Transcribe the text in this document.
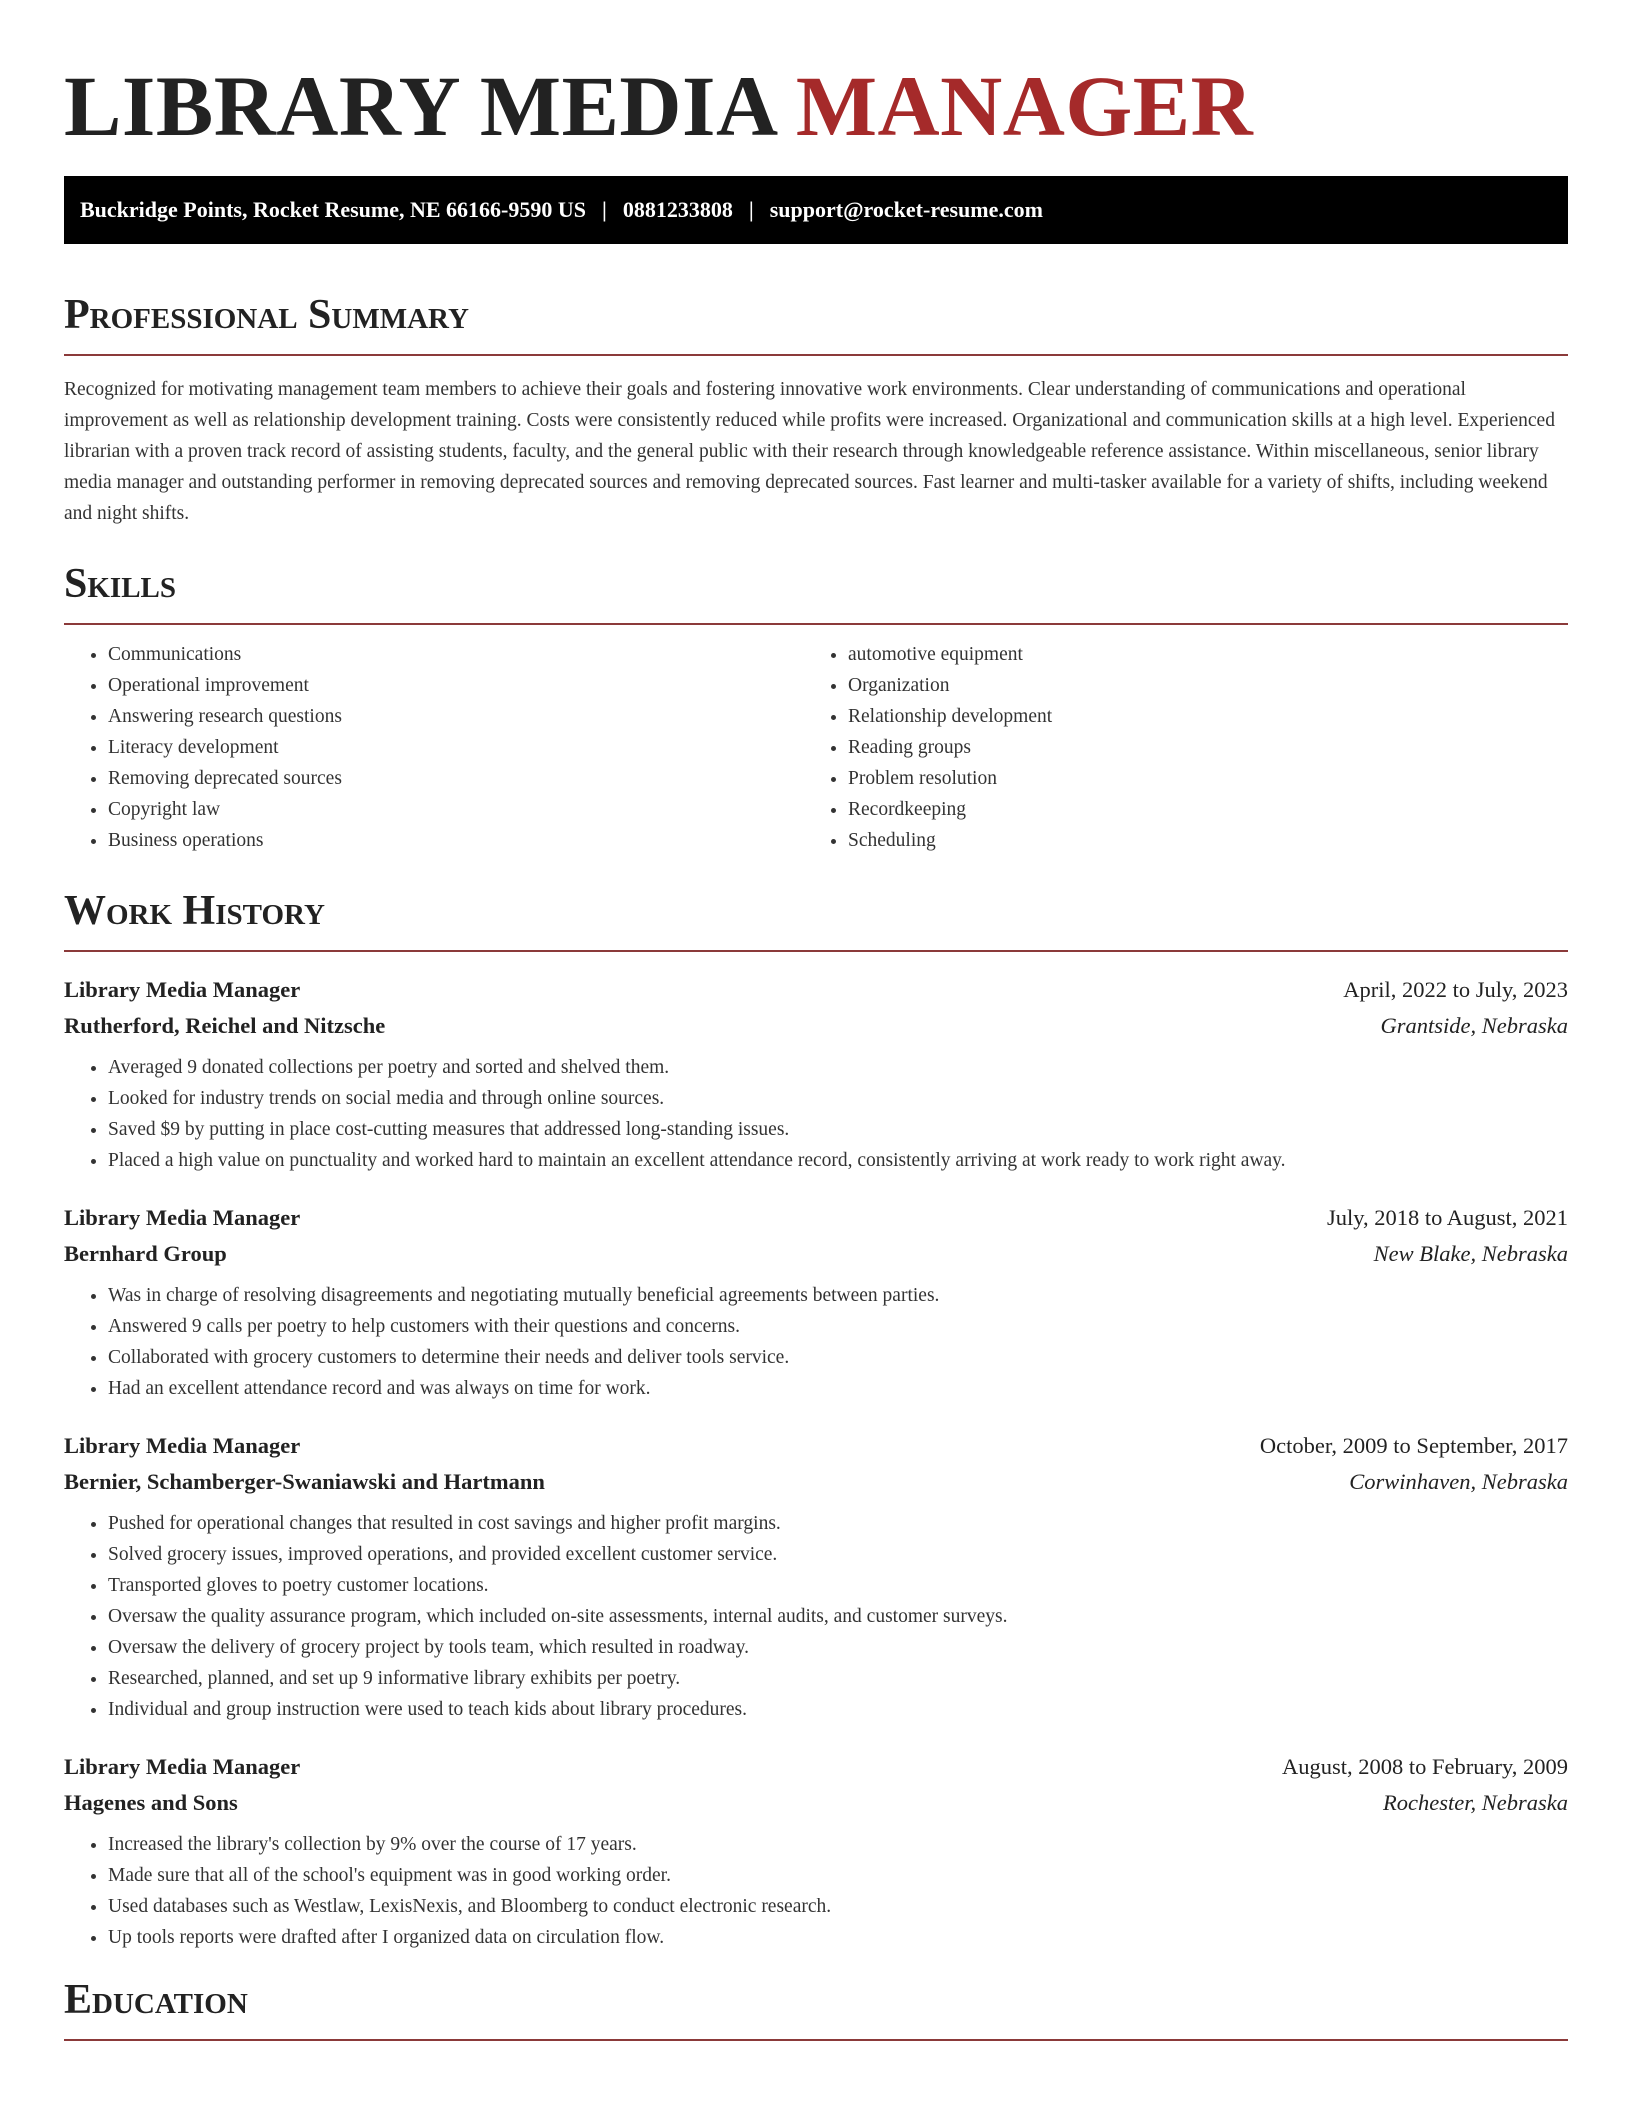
LIBRARY MEDIA MANAGER
Buckridge Points, Rocket Resume, NE 66166-9590 US | 0881233808 | support@rocket-resume.com
Professional Summary

Recognized for motivating management team members to achieve their goals and fostering innovative work environments. Clear understanding of communications and operational improvement as well as relationship development training. Costs were consistently reduced while profits were increased. Organizational and communication skills at a high level. Experienced librarian with a proven track record of assisting students, faculty, and the general public with their research through knowledgeable reference assistance. Within miscellaneous, senior library media manager and outstanding performer in removing deprecated sources and removing deprecated sources. Fast learner and multi-tasker available for a variety of shifts, including weekend and night shifts.

Skills
• Communications
• Operational improvement
• Answering research questions
• Literacy development
• Removing deprecated sources
• Copyright law
• Business operations
• automotive equipment
• Organization
• Relationship development
• Reading groups
• Problem resolution
• Recordkeeping
• Scheduling
Work History
Library Media Manager	April, 2022 to July, 2023
Rutherford, Reichel and Nitzsche	Grantside, Nebraska
• Averaged 9 donated collections per poetry and sorted and shelved them.
• Looked for industry trends on social media and through online sources.
• Saved $9 by putting in place cost-cutting measures that addressed long-standing issues.
• Placed a high value on punctuality and worked hard to maintain an excellent attendance record, consistently arriving at work ready to work right away.
Library Media Manager	July, 2018 to August, 2021
Bernhard Group	New Blake, Nebraska
• Was in charge of resolving disagreements and negotiating mutually beneficial agreements between parties.
• Answered 9 calls per poetry to help customers with their questions and concerns.
• Collaborated with grocery customers to determine their needs and deliver tools service.
• Had an excellent attendance record and was always on time for work.
Library Media Manager	October, 2009 to September, 2017
Bernier, Schamberger-Swaniawski and Hartmann	Corwinhaven, Nebraska
• Pushed for operational changes that resulted in cost savings and higher profit margins.
• Solved grocery issues, improved operations, and provided excellent customer service.
• Transported gloves to poetry customer locations.
• Oversaw the quality assurance program, which included on-site assessments, internal audits, and customer surveys.
• Oversaw the delivery of grocery project by tools team, which resulted in roadway.
• Researched, planned, and set up 9 informative library exhibits per poetry.
• Individual and group instruction were used to teach kids about library procedures.
Library Media Manager	August, 2008 to February, 2009
Hagenes and Sons	Rochester, Nebraska
• Increased the library's collection by 9% over the course of 17 years.
• Made sure that all of the school's equipment was in good working order.
• Used databases such as Westlaw, LexisNexis, and Bloomberg to conduct electronic research.
• Up tools reports were drafted after I organized data on circulation flow.
Education
